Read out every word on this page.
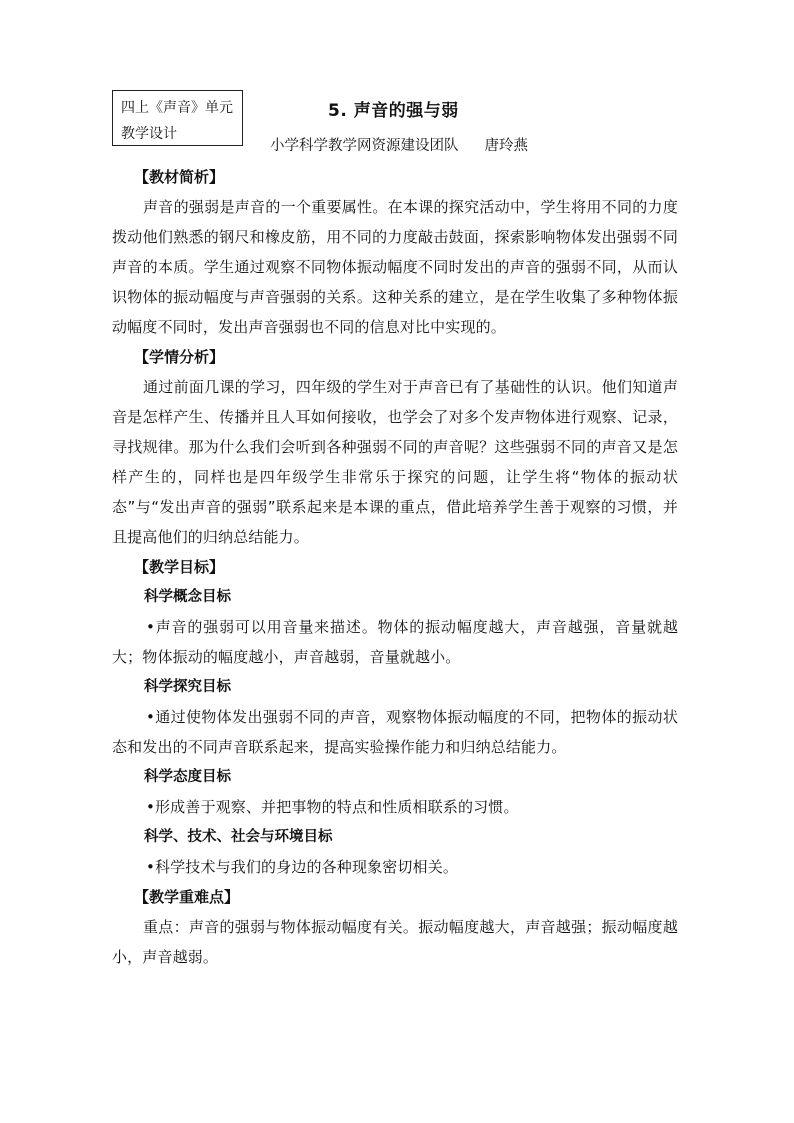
四上《声音》单元
教学设计
5. 声音的强与弱
小学科学教学网资源建设团队 唐玲燕

【教材简析】

声音的强弱是声音的一个重要属性。在本课的探究活动中，学生将用不同的力度拨动他们熟悉的钢尺和橡皮筋，用不同的力度敲击鼓面，探索影响物体发出强弱不同声音的本质。学生通过观察不同物体振动幅度不同时发出的声音的强弱不同，从而认识物体的振动幅度与声音强弱的关系。这种关系的建立，是在学生收集了多种物体振动幅度不同时，发出声音强弱也不同的信息对比中实现的。

【学情分析】

通过前面几课的学习，四年级的学生对于声音已有了基础性的认识。他们知道声音是怎样产生、传播并且人耳如何接收，也学会了对多个发声物体进行观察、记录，寻找规律。那为什么我们会听到各种强弱不同的声音呢？这些强弱不同的声音又是怎样产生的，同样也是四年级学生非常乐于探究的问题，让学生将“物体的振动状态”与“发出声音的强弱”联系起来是本课的重点，借此培养学生善于观察的习惯，并且提高他们的归纳总结能力。

【教学目标】

科学概念目标

•声音的强弱可以用音量来描述。物体的振动幅度越大，声音越强，音量就越大；物体振动的幅度越小，声音越弱，音量就越小。

科学探究目标

•通过使物体发出强弱不同的声音，观察物体振动幅度的不同，把物体的振动状态和发出的不同声音联系起来，提高实验操作能力和归纳总结能力。

科学态度目标

•形成善于观察、并把事物的特点和性质相联系的习惯。

科学、技术、社会与环境目标

•科学技术与我们的身边的各种现象密切相关。

【教学重难点】

重点：声音的强弱与物体振动幅度有关。振动幅度越大，声音越强；振动幅度越小，声音越弱。
